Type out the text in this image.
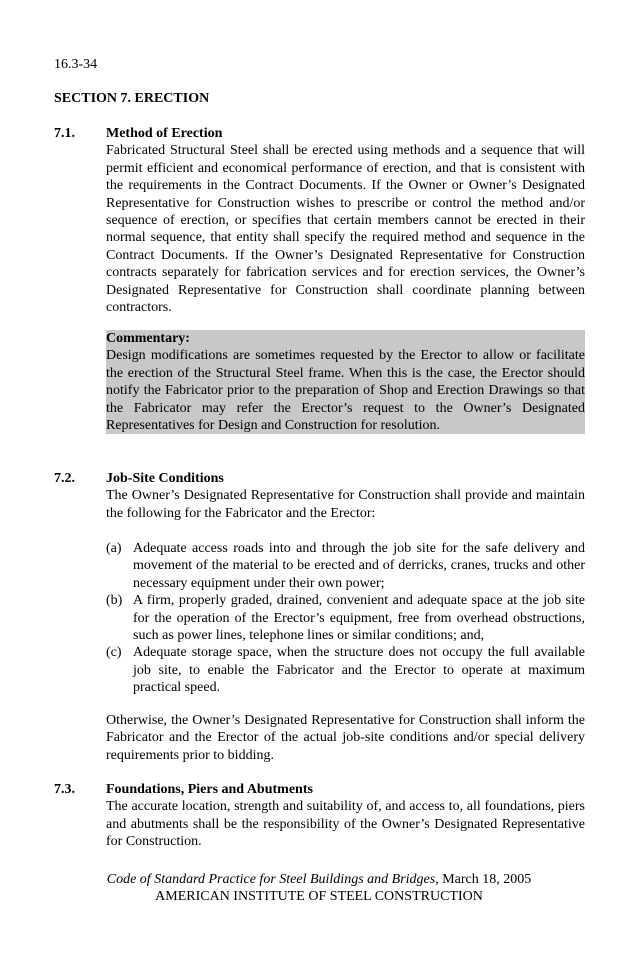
16.3-34
SECTION 7. ERECTION
7.1. Method of Erection
Fabricated Structural Steel shall be erected using methods and a sequence that will permit efficient and economical performance of erection, and that is consistent with the requirements in the Contract Documents. If the Owner or Owner’s Designated Representative for Construction wishes to prescribe or control the method and/or sequence of erection, or specifies that certain members cannot be erected in their normal sequence, that entity shall specify the required method and sequence in the Contract Documents. If the Owner’s Designated Representative for Construction contracts separately for fabrication services and for erection services, the Owner’s Designated Representative for Construction shall coordinate planning between contractors.
Commentary:
Design modifications are sometimes requested by the Erector to allow or facilitate the erection of the Structural Steel frame. When this is the case, the Erector should notify the Fabricator prior to the preparation of Shop and Erection Drawings so that the Fabricator may refer the Erector’s request to the Owner’s Designated Representatives for Design and Construction for resolution.
7.2. Job-Site Conditions
The Owner’s Designated Representative for Construction shall provide and maintain the following for the Fabricator and the Erector:
(a) Adequate access roads into and through the job site for the safe delivery and movement of the material to be erected and of derricks, cranes, trucks and other necessary equipment under their own power;
(b) A firm, properly graded, drained, convenient and adequate space at the job site for the operation of the Erector’s equipment, free from overhead obstructions, such as power lines, telephone lines or similar conditions; and,
(c) Adequate storage space, when the structure does not occupy the full available job site, to enable the Fabricator and the Erector to operate at maximum practical speed.
Otherwise, the Owner’s Designated Representative for Construction shall inform the Fabricator and the Erector of the actual job-site conditions and/or special delivery requirements prior to bidding.
7.3. Foundations, Piers and Abutments
The accurate location, strength and suitability of, and access to, all foundations, piers and abutments shall be the responsibility of the Owner’s Designated Representative for Construction.
Code of Standard Practice for Steel Buildings and Bridges, March 18, 2005
AMERICAN INSTITUTE OF STEEL CONSTRUCTION
